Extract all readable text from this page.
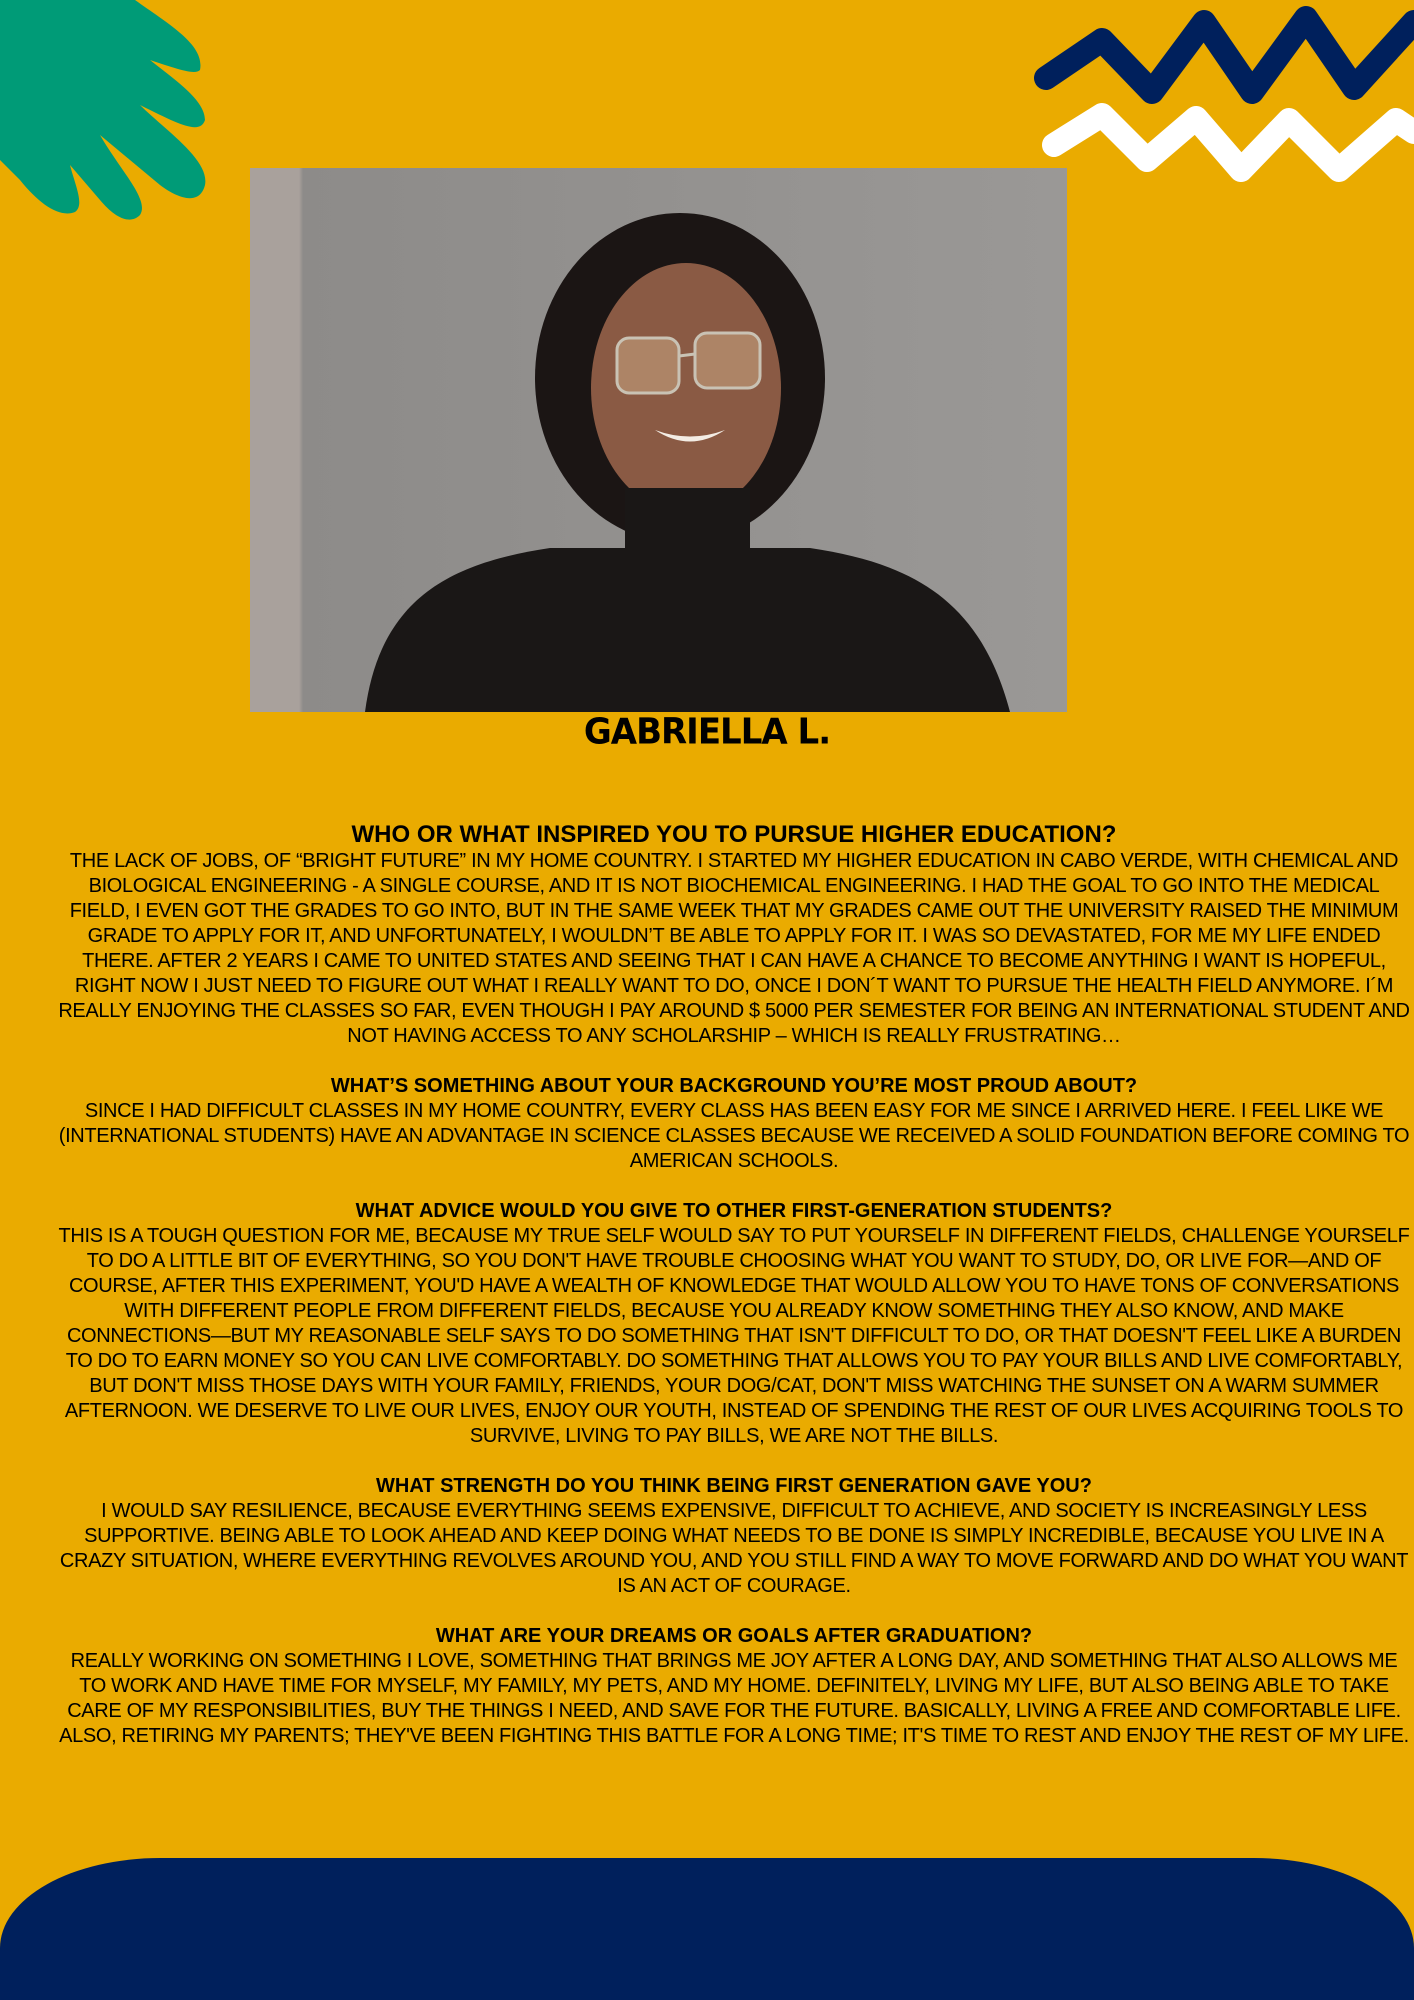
GABRIELLA L.
WHO OR WHAT INSPIRED YOU TO PURSUE HIGHER EDUCATION?
THE LACK OF JOBS, OF “BRIGHT FUTURE” IN MY HOME COUNTRY. I STARTED MY HIGHER EDUCATION IN CABO VERDE, WITH CHEMICAL AND BIOLOGICAL ENGINEERING - A SINGLE COURSE, AND IT IS NOT BIOCHEMICAL ENGINEERING. I HAD THE GOAL TO GO INTO THE MEDICAL FIELD, I EVEN GOT THE GRADES TO GO INTO, BUT IN THE SAME WEEK THAT MY GRADES CAME OUT THE UNIVERSITY RAISED THE MINIMUM GRADE TO APPLY FOR IT, AND UNFORTUNATELY, I WOULDN’T BE ABLE TO APPLY FOR IT. I WAS SO DEVASTATED, FOR ME MY LIFE ENDED THERE. AFTER 2 YEARS I CAME TO UNITED STATES AND SEEING THAT I CAN HAVE A CHANCE TO BECOME ANYTHING I WANT IS HOPEFUL, RIGHT NOW I JUST NEED TO FIGURE OUT WHAT I REALLY WANT TO DO, ONCE I DON´T WANT TO PURSUE THE HEALTH FIELD ANYMORE. I´M REALLY ENJOYING THE CLASSES SO FAR, EVEN THOUGH I PAY AROUND $ 5000 PER SEMESTER FOR BEING AN INTERNATIONAL STUDENT AND NOT HAVING ACCESS TO ANY SCHOLARSHIP – WHICH IS REALLY FRUSTRATING…
WHAT’S SOMETHING ABOUT YOUR BACKGROUND YOU’RE MOST PROUD ABOUT?
SINCE I HAD DIFFICULT CLASSES IN MY HOME COUNTRY, EVERY CLASS HAS BEEN EASY FOR ME SINCE I ARRIVED HERE. I FEEL LIKE WE (INTERNATIONAL STUDENTS) HAVE AN ADVANTAGE IN SCIENCE CLASSES BECAUSE WE RECEIVED A SOLID FOUNDATION BEFORE COMING TO AMERICAN SCHOOLS.
WHAT ADVICE WOULD YOU GIVE TO OTHER FIRST-GENERATION STUDENTS?
THIS IS A TOUGH QUESTION FOR ME, BECAUSE MY TRUE SELF WOULD SAY TO PUT YOURSELF IN DIFFERENT FIELDS, CHALLENGE YOURSELF TO DO A LITTLE BIT OF EVERYTHING, SO YOU DON'T HAVE TROUBLE CHOOSING WHAT YOU WANT TO STUDY, DO, OR LIVE FOR—AND OF COURSE, AFTER THIS EXPERIMENT, YOU'D HAVE A WEALTH OF KNOWLEDGE THAT WOULD ALLOW YOU TO HAVE TONS OF CONVERSATIONS WITH DIFFERENT PEOPLE FROM DIFFERENT FIELDS, BECAUSE YOU ALREADY KNOW SOMETHING THEY ALSO KNOW, AND MAKE CONNECTIONS—BUT MY REASONABLE SELF SAYS TO DO SOMETHING THAT ISN'T DIFFICULT TO DO, OR THAT DOESN'T FEEL LIKE A BURDEN TO DO TO EARN MONEY SO YOU CAN LIVE COMFORTABLY. DO SOMETHING THAT ALLOWS YOU TO PAY YOUR BILLS AND LIVE COMFORTABLY, BUT DON'T MISS THOSE DAYS WITH YOUR FAMILY, FRIENDS, YOUR DOG/CAT, DON'T MISS WATCHING THE SUNSET ON A WARM SUMMER AFTERNOON. WE DESERVE TO LIVE OUR LIVES, ENJOY OUR YOUTH, INSTEAD OF SPENDING THE REST OF OUR LIVES ACQUIRING TOOLS TO SURVIVE, LIVING TO PAY BILLS, WE ARE NOT THE BILLS.
WHAT STRENGTH DO YOU THINK BEING FIRST GENERATION GAVE YOU?
I WOULD SAY RESILIENCE, BECAUSE EVERYTHING SEEMS EXPENSIVE, DIFFICULT TO ACHIEVE, AND SOCIETY IS INCREASINGLY LESS SUPPORTIVE. BEING ABLE TO LOOK AHEAD AND KEEP DOING WHAT NEEDS TO BE DONE IS SIMPLY INCREDIBLE, BECAUSE YOU LIVE IN A CRAZY SITUATION, WHERE EVERYTHING REVOLVES AROUND YOU, AND YOU STILL FIND A WAY TO MOVE FORWARD AND DO WHAT YOU WANT IS AN ACT OF COURAGE.
WHAT ARE YOUR DREAMS OR GOALS AFTER GRADUATION?
REALLY WORKING ON SOMETHING I LOVE, SOMETHING THAT BRINGS ME JOY AFTER A LONG DAY, AND SOMETHING THAT ALSO ALLOWS ME TO WORK AND HAVE TIME FOR MYSELF, MY FAMILY, MY PETS, AND MY HOME. DEFINITELY, LIVING MY LIFE, BUT ALSO BEING ABLE TO TAKE CARE OF MY RESPONSIBILITIES, BUY THE THINGS I NEED, AND SAVE FOR THE FUTURE. BASICALLY, LIVING A FREE AND COMFORTABLE LIFE. ALSO, RETIRING MY PARENTS; THEY'VE BEEN FIGHTING THIS BATTLE FOR A LONG TIME; IT'S TIME TO REST AND ENJOY THE REST OF MY LIFE.
